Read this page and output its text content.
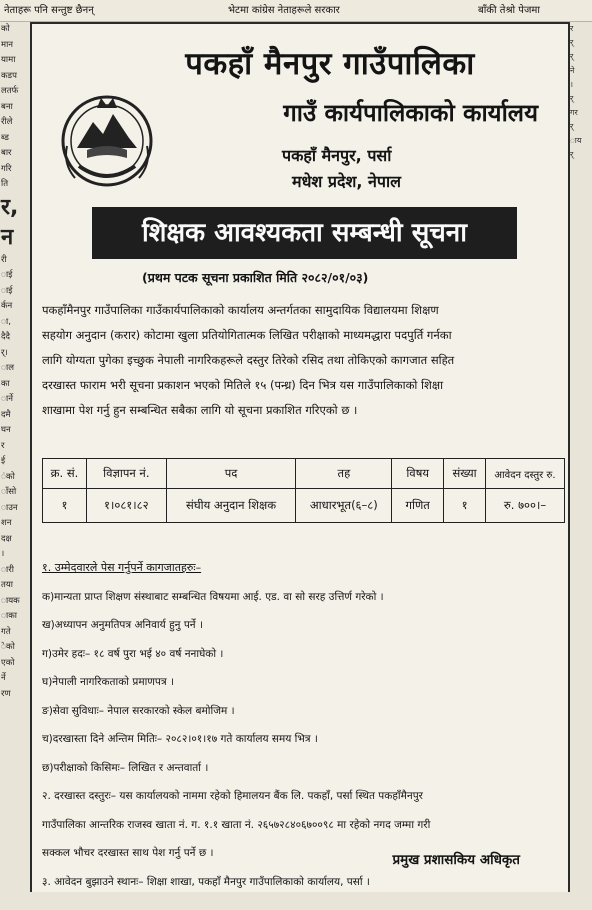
नेताहरू पनि सन्तुष्ट छैनन्	भेटमा कांग्रेस नेताहरूले सरकार	बाँकी तेश्रो पेजमा
को
मान
यामा
कडप
लतर्फ
बना
रीले
ब्ड
बार
गरि
ति
र,
न
री
ाई
ाई
र्कन
ा,
दैदै
र्।
ाल
का
ार्ने
दमै
घन
र
ई
ंको
ाँसो
ाउन
शन
दक्ष
।
ारी
तया
ायक
ाका
गते
ेको
एको
र्ने
रण
र
र्
र्
ने
।
र्
गर
र्
ाय
र्
पकहाँ मैनपुर गाउँपालिका
गाउँ कार्यपालिकाको कार्यालय
पकहाँ मैनपुर, पर्सा
मधेश प्रदेश, नेपाल
शिक्षक आवश्यकता सम्बन्धी सूचना
(प्रथम पटक सूचना प्रकाशित मिति २०८२/०१/०३)

पकहाँमैनपुर गाउँपालिका गाउँकार्यपालिकाको कार्यालय अन्तर्गतका सामुदायिक विद्यालयमा शिक्षण

सहयोग अनुदान (करार) कोटामा खुला प्रतियोगितात्मक लिखित परीक्षाको माध्यमद्धारा पदपुर्ति गर्नका

लागि योग्यता पुगेका इच्छुक नेपाली नागरिकहरूले दस्तुर तिरेको रसिद तथा तोकिएको कागजात सहित

दरखास्त फाराम भरी सूचना प्रकाशन भएको मितिले १५ (पन्ध्र) दिन भित्र यस गाउँपालिकाको शिक्षा

शाखामा पेश गर्नु हुन सम्बन्धित सबैका लागि यो सूचना प्रकाशित गरिएको छ ।

क्र. सं.	विज्ञापन नं.	पद	तह	विषय	संख्या	आवेदन दस्तुर रु.
१	१।०८१।८२	संघीय अनुदान शिक्षक	आधारभूत(६–८)	गणित	१	रु. ७००।–
१. उम्मेदवारले पेस गर्नुपर्ने कागजातहरुः–
क)मान्यता प्राप्त शिक्षण संस्थाबाट सम्बन्धित विषयमा आई. एड. वा सो सरह उत्तिर्ण गरेको ।
ख)अध्यापन अनुमतिपत्र अनिवार्य हुनु पर्ने ।
ग)उमेर हदः– १८ वर्ष पुरा भई ४० वर्ष ननाघेको ।
घ)नेपाली नागरिकताको प्रमाणपत्र ।
ङ)सेवा सुविधाः– नेपाल सरकारको स्केल बमोजिम ।
च)दरखास्ता दिने अन्तिम मितिः– २०८२।०१।१७ गते कार्यालय समय भित्र ।
छ)परीक्षाको किसिमः– लिखित र अन्तवार्ता ।
२. दरखास्त दस्तुरः– यस कार्यालयको नाममा रहेको हिमालयन बैंक लि. पकहाँ, पर्सा स्थित पकहाँमैनपुर
गाउँपालिका आन्तरिक राजस्व खाता नं. ग. १.१ खाता नं. २६५७२८४०६७००९८ मा रहेको नगद जम्मा गरी
सक्कल भौचर दरखास्त साथ पेश गर्नु पर्ने छ ।
३. आवेदन बुझाउने स्थानः– शिक्षा शाखा, पकहाँ मैनपुर गाउँपालिकाको कार्यालय, पर्सा ।
प्रमुख प्रशासकिय अधिकृत
